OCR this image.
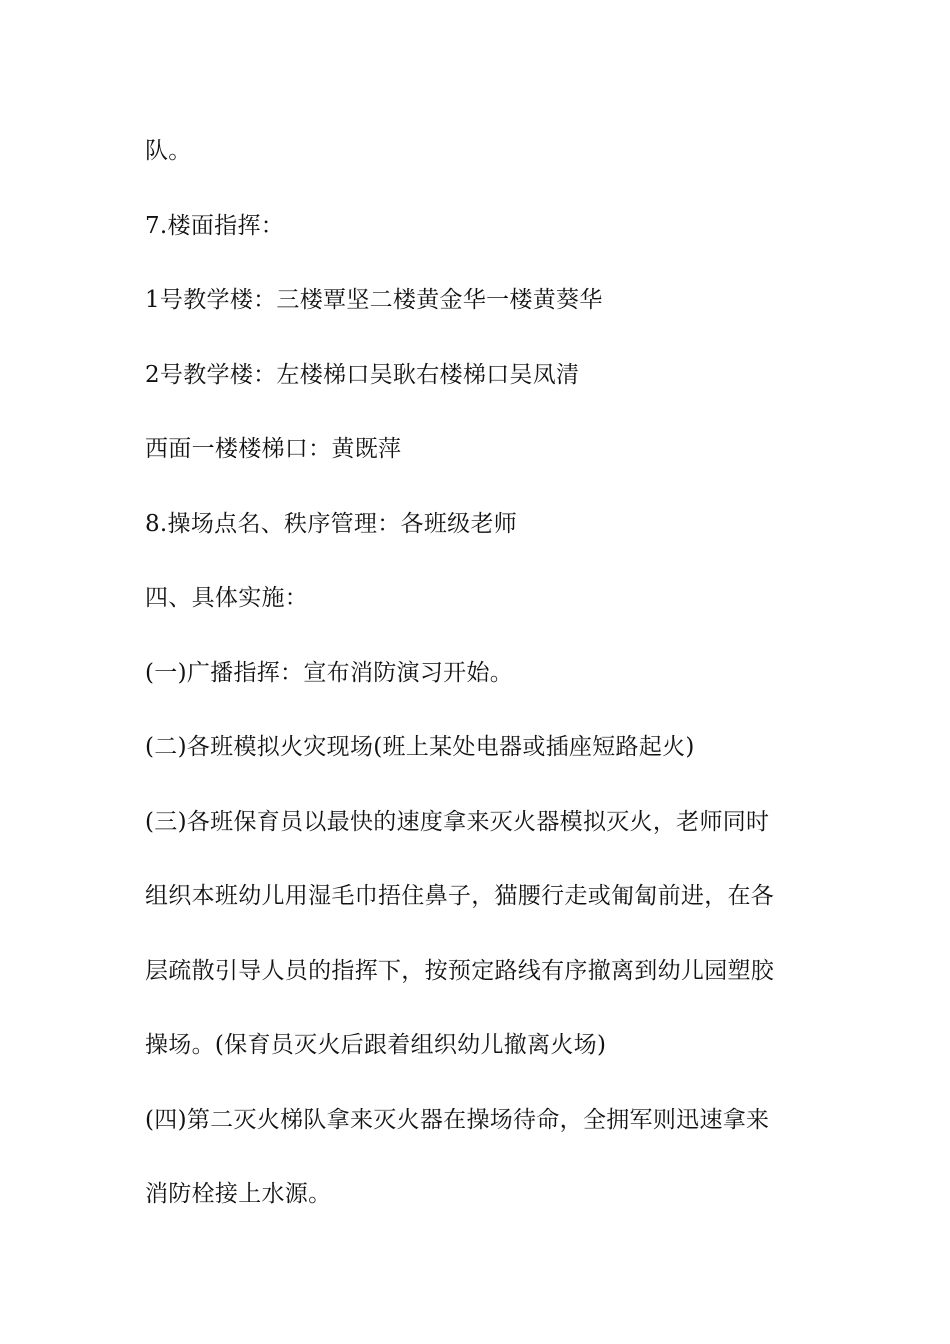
队。
7.楼面指挥：
1号教学楼：三楼覃坚二楼黄金华一楼黄葵华
2号教学楼：左楼梯口吴耿右楼梯口吴凤清
西面一楼楼梯口：黄既萍
8.操场点名、秩序管理：各班级老师
四、具体实施：
(一)广播指挥：宣布消防演习开始。
(二)各班模拟火灾现场(班上某处电器或插座短路起火)
(三)各班保育员以最快的速度拿来灭火器模拟灭火，老师同时
组织本班幼儿用湿毛巾捂住鼻子，猫腰行走或匍匐前进，在各
层疏散引导人员的指挥下，按预定路线有序撤离到幼儿园塑胶
操场。(保育员灭火后跟着组织幼儿撤离火场)
(四)第二灭火梯队拿来灭火器在操场待命，全拥军则迅速拿来
消防栓接上水源。
